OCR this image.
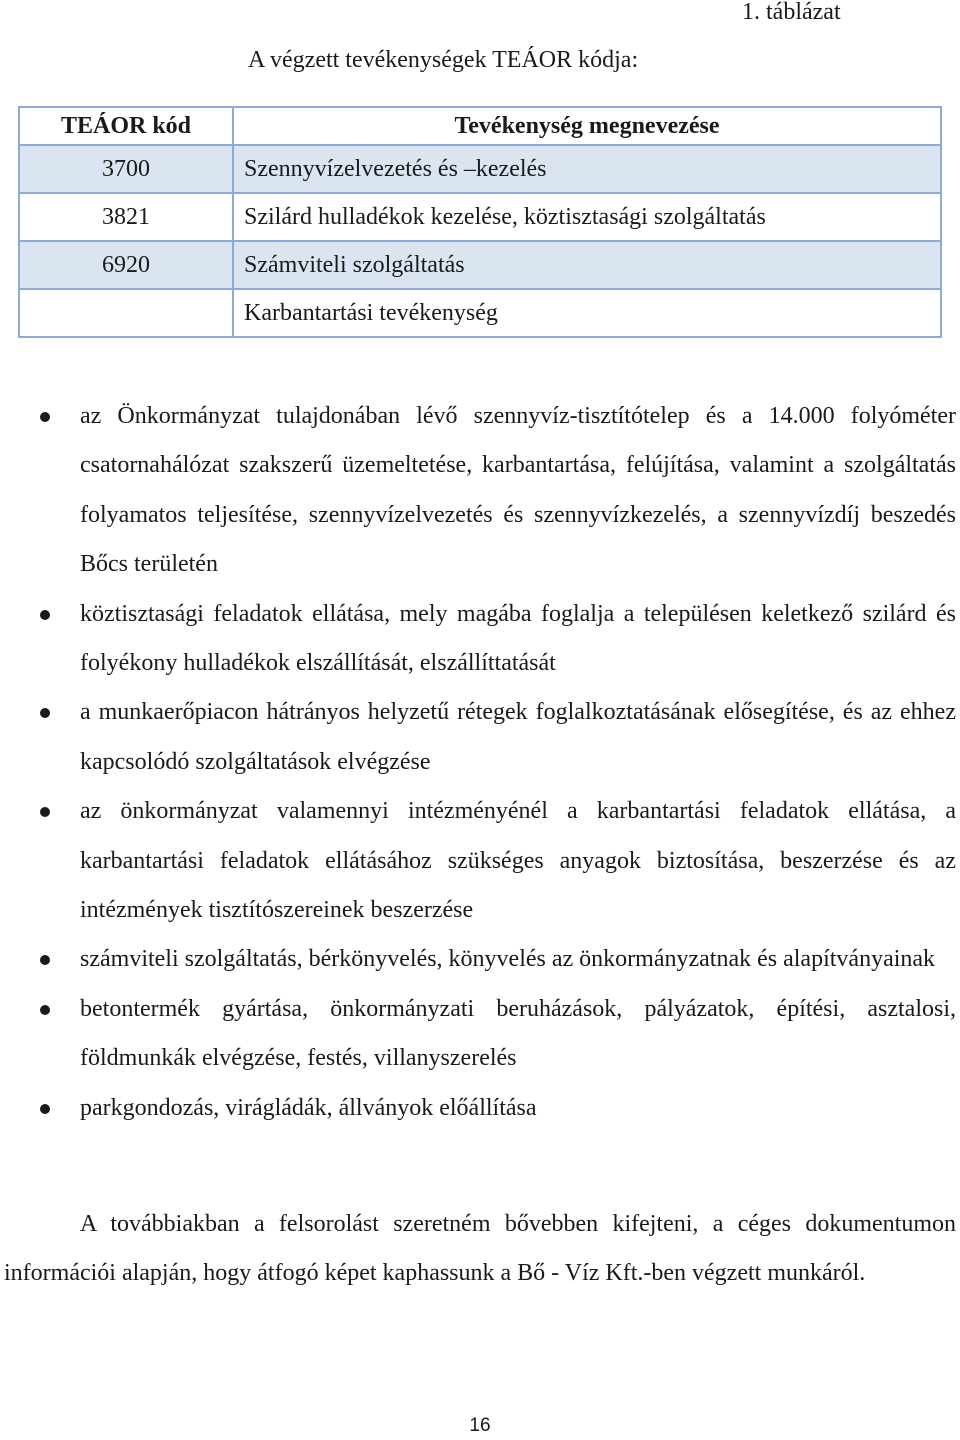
1. táblázat
A végzett tevékenységek TEÁOR kódja:
TEÁOR kód	Tevékenység megnevezése
3700	Szennyvízelvezetés és –kezelés
3821	Szilárd hulladékok kezelése, köztisztasági szolgáltatás
6920	Számviteli szolgáltatás
	Karbantartási tevékenység
az Önkormányzat tulajdonában lévő szennyvíz-tisztítótelep és a 14.000 folyóméter csatornahálózat szakszerű üzemeltetése, karbantartása, felújítása, valamint a szolgáltatás folyamatos teljesítése, szennyvízelvezetés és szennyvízkezelés, a szennyvízdíj beszedés Bőcs területén
köztisztasági feladatok ellátása, mely magába foglalja a településen keletkező szilárd és folyékony hulladékok elszállítását, elszállíttatását
a munkaerőpiacon hátrányos helyzetű rétegek foglalkoztatásának elősegítése, és az ehhez kapcsolódó szolgáltatások elvégzése
az önkormányzat valamennyi intézményénél a karbantartási feladatok ellátása, a karbantartási feladatok ellátásához szükséges anyagok biztosítása, beszerzése és az intézmények tisztítószereinek beszerzése
számviteli szolgáltatás, bérkönyvelés, könyvelés az önkormányzatnak és alapítványainak
betontermék gyártása, önkormányzati beruházások, pályázatok, építési, asztalosi, földmunkák elvégzése, festés, villanyszerelés
parkgondozás, virágládák, állványok előállítása

A továbbiakban a felsorolást szeretném bővebben kifejteni, a céges dokumentumon információi alapján, hogy átfogó képet kaphassunk a Bő - Víz Kft.-ben végzett munkáról.

16
